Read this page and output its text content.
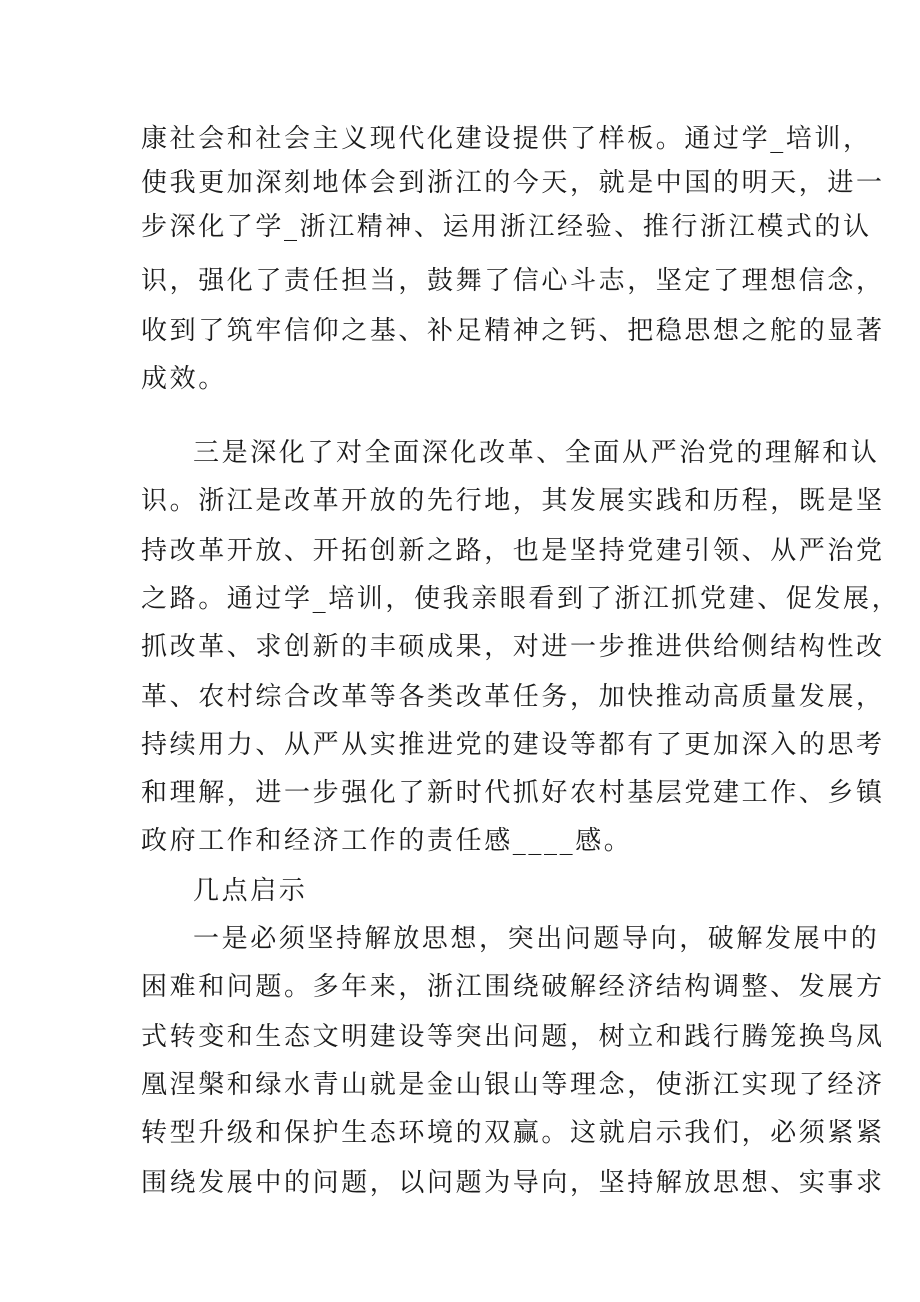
康社会和社会主义现代化建设提供了样板。通过学_培训，

使我更加深刻地体会到浙江的今天，就是中国的明天，进一

步深化了学_浙江精神、运用浙江经验、推行浙江模式的认

识，强化了责任担当，鼓舞了信心斗志，坚定了理想信念，

收到了筑牢信仰之基、补足精神之钙、把稳思想之舵的显著

成效。

三是深化了对全面深化改革、全面从严治党的理解和认

识。浙江是改革开放的先行地，其发展实践和历程，既是坚

持改革开放、开拓创新之路，也是坚持党建引领、从严治党

之路。通过学_培训，使我亲眼看到了浙江抓党建、促发展，

抓改革、求创新的丰硕成果，对进一步推进供给侧结构性改

革、农村综合改革等各类改革任务，加快推动高质量发展，

持续用力、从严从实推进党的建设等都有了更加深入的思考

和理解，进一步强化了新时代抓好农村基层党建工作、乡镇

政府工作和经济工作的责任感____感。

几点启示

一是必须坚持解放思想，突出问题导向，破解发展中的

困难和问题。多年来，浙江围绕破解经济结构调整、发展方

式转变和生态文明建设等突出问题，树立和践行腾笼换鸟凤

凰涅槃和绿水青山就是金山银山等理念，使浙江实现了经济

转型升级和保护生态环境的双赢。这就启示我们，必须紧紧

围绕发展中的问题，以问题为导向，坚持解放思想、实事求
